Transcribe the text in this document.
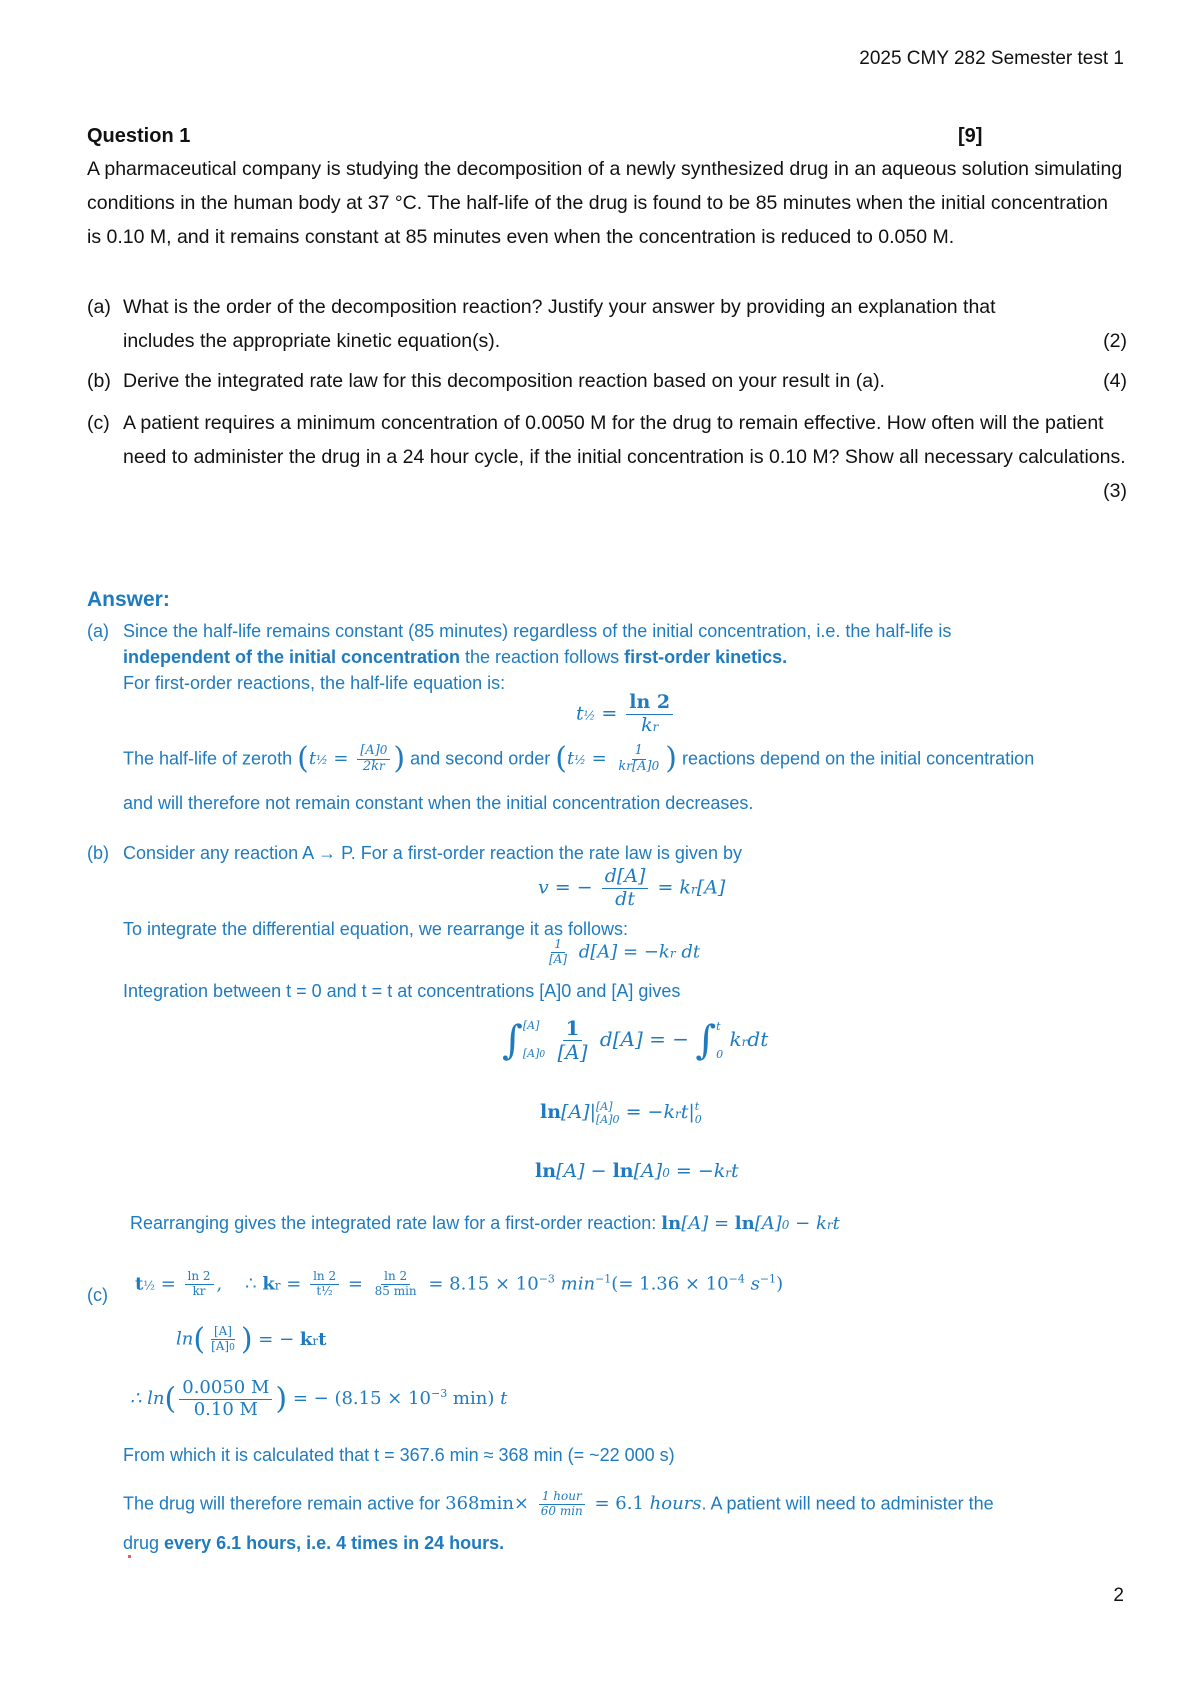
2025 CMY 282 Semester test 1
Question 1	[9]
A pharmaceutical company is studying the decomposition of a newly synthesized drug in an aqueous solution simulating conditions in the human body at 37 °C. The half-life of the drug is found to be 85 minutes when the initial concentration is 0.10 M, and it remains constant at 85 minutes even when the concentration is reduced to 0.050 M.
(a) What is the order of the decomposition reaction? Justify your answer by providing an explanation that includes the appropriate kinetic equation(s).	(2)
(b) Derive the integrated rate law for this decomposition reaction based on your result in (a).	(4)
(c) A patient requires a minimum concentration of 0.0050 M for the drug to remain effective. How often will the patient need to administer the drug in a 24 hour cycle, if the initial concentration is 0.10 M? Show all necessary calculations.
(3)
Answer:
(a) Since the half-life remains constant (85 minutes) regardless of the initial concentration, i.e. the half-life is
independent of the initial concentration the reaction follows first-order kinetics.
For first-order reactions, the half-life equation is:
t½ = $\frac{\ln 2}{kr}$
The half-life of zeroth (t½ = $\frac{[A]0}{2kr}$ ) and second order (t½ = $\frac{1}{kr[A]0}$ ) reactions depend on the initial concentration
and will therefore not remain constant when the initial concentration decreases.
(b) Consider any reaction A → P. For a first-order reaction the rate law is given by
v = − $\frac{d[A]}{dt} = kr[A]$
To integrate the differential equation, we rearrange it as follows:
$\frac{1}{[A]} d[A] = -kr$ dt
Integration between t = 0 and t = t at concentrations [A]0 and [A] gives
∫ [A]
[A]0
$\frac{1}{[A]} d[A]$ = − ∫ t
0
krdt
ln[A]| [A]
[A]0 = −krt| t
0
ln[A] − ln[A]0 = −krt
Rearranging gives the integrated rate law for a first-order reaction: ln[A] = ln[A]0 − krt
(c)
t½ = $\frac{\ln 2}{kr}$ ,    ∴ kr = $\frac{\ln 2}{\text{t½}} = \frac{\ln 2}{85 \min} = 8.15 \times 10^{-3}$ $\min^{-1}(= 1.36 \times 10^{-4}$ $s^{-1}$)
$\ln( \frac{[A]}{[A]0}$ ) = − krt
∴ $\ln( \frac{0.0050 M}{0.10 M}$ ) = − ($8.15 \times 10^{-3}$ min) t
From which it is calculated that t = 367.6 min ≈ 368 min (= ~22 000 s)
The drug will therefore remain active for $368\min\times \frac{\text{1 hour}}{60 \min} = 6.1$ hours. A patient will need to administer the
drug every 6.1 hours, i.e. 4 times in 24 hours.
2
